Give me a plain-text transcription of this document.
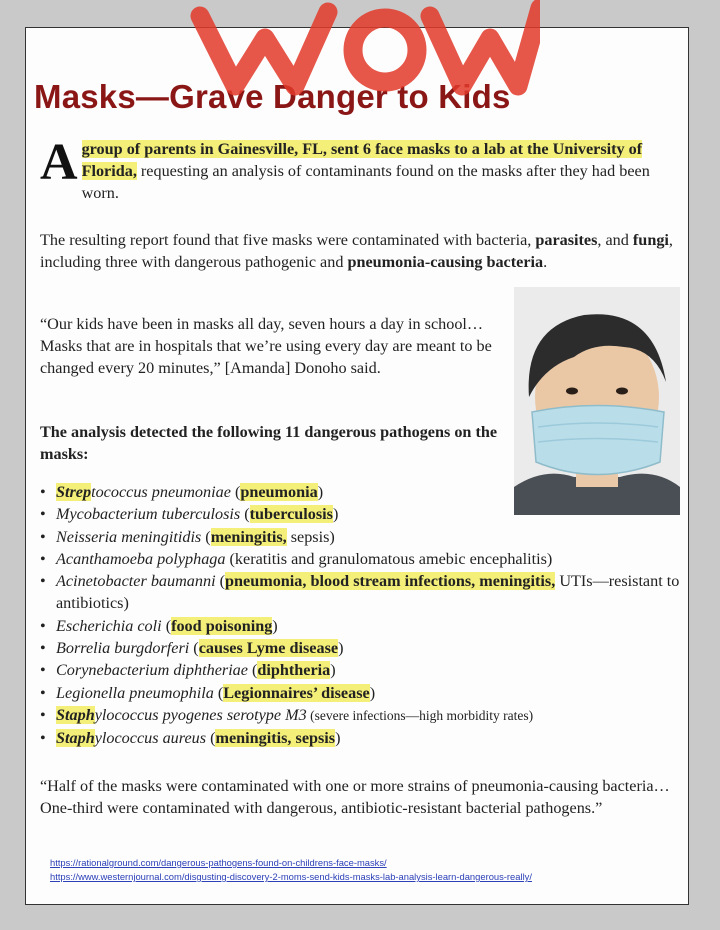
Masks—Grave Danger to Kids

A group of parents in Gainesville, FL, sent 6 face masks to a lab at the University of Florida, requesting an analysis of contaminants found on the masks after they had been worn.

The resulting report found that five masks were contaminated with bacteria, parasites, and fungi, including three with dangerous pathogenic and pneumonia-causing bacteria.

“Our kids have been in masks all day, seven hours a day in school… Masks that are in hospitals that we’re using every day are meant to be changed every 20 minutes,” [Amanda] Donoho said.

The analysis detected the following 11 dangerous pathogens on the masks:

• Streptococcus pneumoniae (pneumonia)
• Mycobacterium tuberculosis (tuberculosis)
• Neisseria meningitidis (meningitis, sepsis)
• Acanthamoeba polyphaga (keratitis and granulomatous amebic encephalitis)
• Acinetobacter baumanni (pneumonia, blood stream infections, meningitis, UTIs—resistant to antibiotics)
• Escherichia coli (food poisoning)
• Borrelia burgdorferi (causes Lyme disease)
• Corynebacterium diphtheriae (diphtheria)
• Legionella pneumophila (Legionnaires’ disease)
• Staphylococcus pyogenes serotype M3 (severe infections—high morbidity rates)
• Staphylococcus aureus (meningitis, sepsis)

“Half of the masks were contaminated with one or more strains of pneumonia-causing bacteria… One-third were contaminated with dangerous, antibiotic-resistant bacterial pathogens.”

https://rationalground.com/dangerous-pathogens-found-on-childrens-face-masks/
https://www.westernjournal.com/disgusting-discovery-2-moms-send-kids-masks-lab-analysis-learn-dangerous-really/
